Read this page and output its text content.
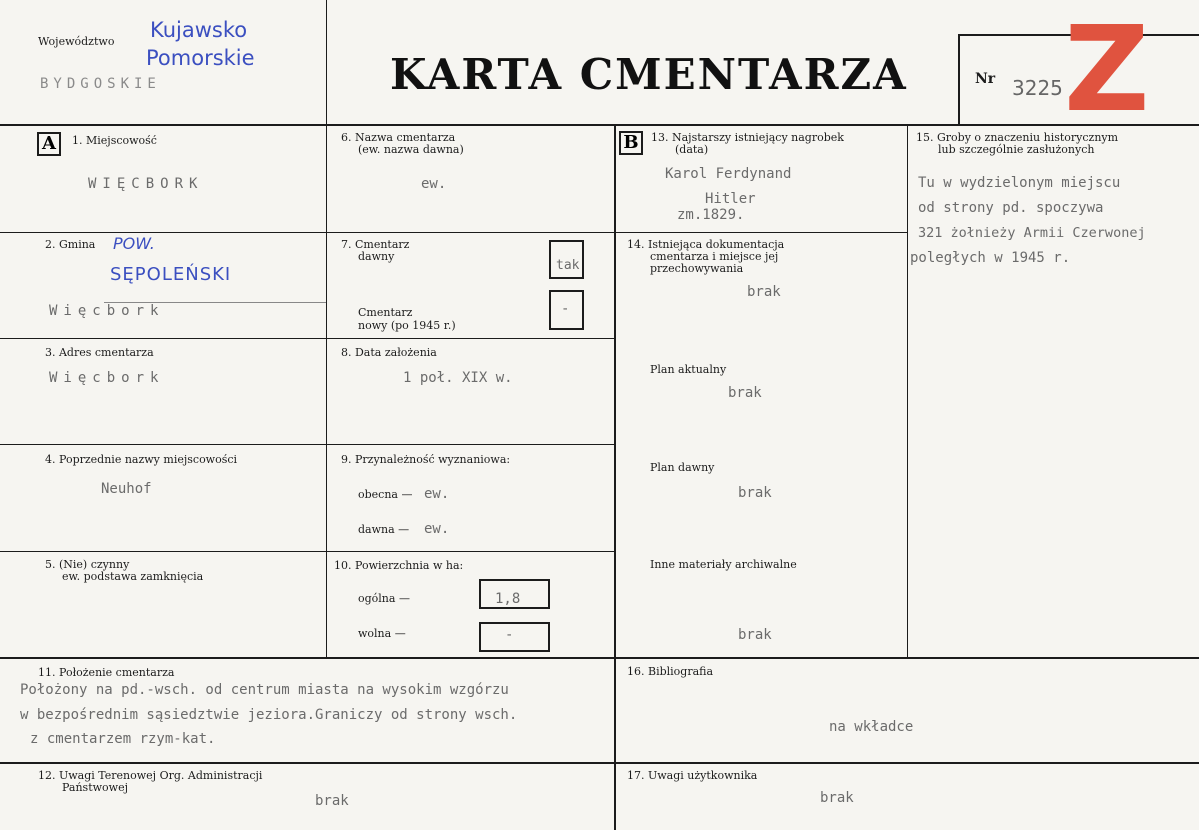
Województwo Kujawsko
Pomorskie
BYDGOSKIE	KARTA CMENTARZA	Nr 3225 Z
A	1. Miejscowość
WIĘCBORK
2. Gmina POW.
SĘPOLEŃSKI
Więcbork
3. Adres cmentarza
Więcbork
4. Poprzednie nazwy miejscowości
Neuhof
5. (Nie) czynny
ew. podstawa zamknięcia
6. Nazwa cmentarza
(ew. nazwa dawna)
ew.
7. Cmentarz
dawny
tak
Cmentarz
nowy (po 1945 r.)
-
8. Data założenia
1 poł. XIX w.
9. Przynależność wyznaniowa:
obecna — ew.
dawna — ew.
10. Powierzchnia w ha:
ogólna —	1,8
wolna —	-
B	13. Najstarszy istniejący nagrobek
(data)
Karol Ferdynand
Hitler
zm.1829.
14. Istniejąca dokumentacja
cmentarza i miejsce jej
przechowywania
brak
Plan aktualny
brak
Plan dawny
brak
Inne materiały archiwalne
brak
15. Groby o znaczeniu historycznym
lub szczególnie zasłużonych
Tu w wydzielonym miejscu
od strony pd. spoczywa
321 żołnieży Armii Czerwonej
poległych w 1945 r.
11. Położenie cmentarza
Położony na pd.-wsch. od centrum miasta na wysokim wzgórzu
w bezpośrednim sąsiedztwie jeziora.Graniczy od strony wsch.
z cmentarzem rzym-kat.
16. Bibliografia
na wkładce
12. Uwagi Terenowej Org. Administracji
Państwowej
brak
17. Uwagi użytkownika
brak
